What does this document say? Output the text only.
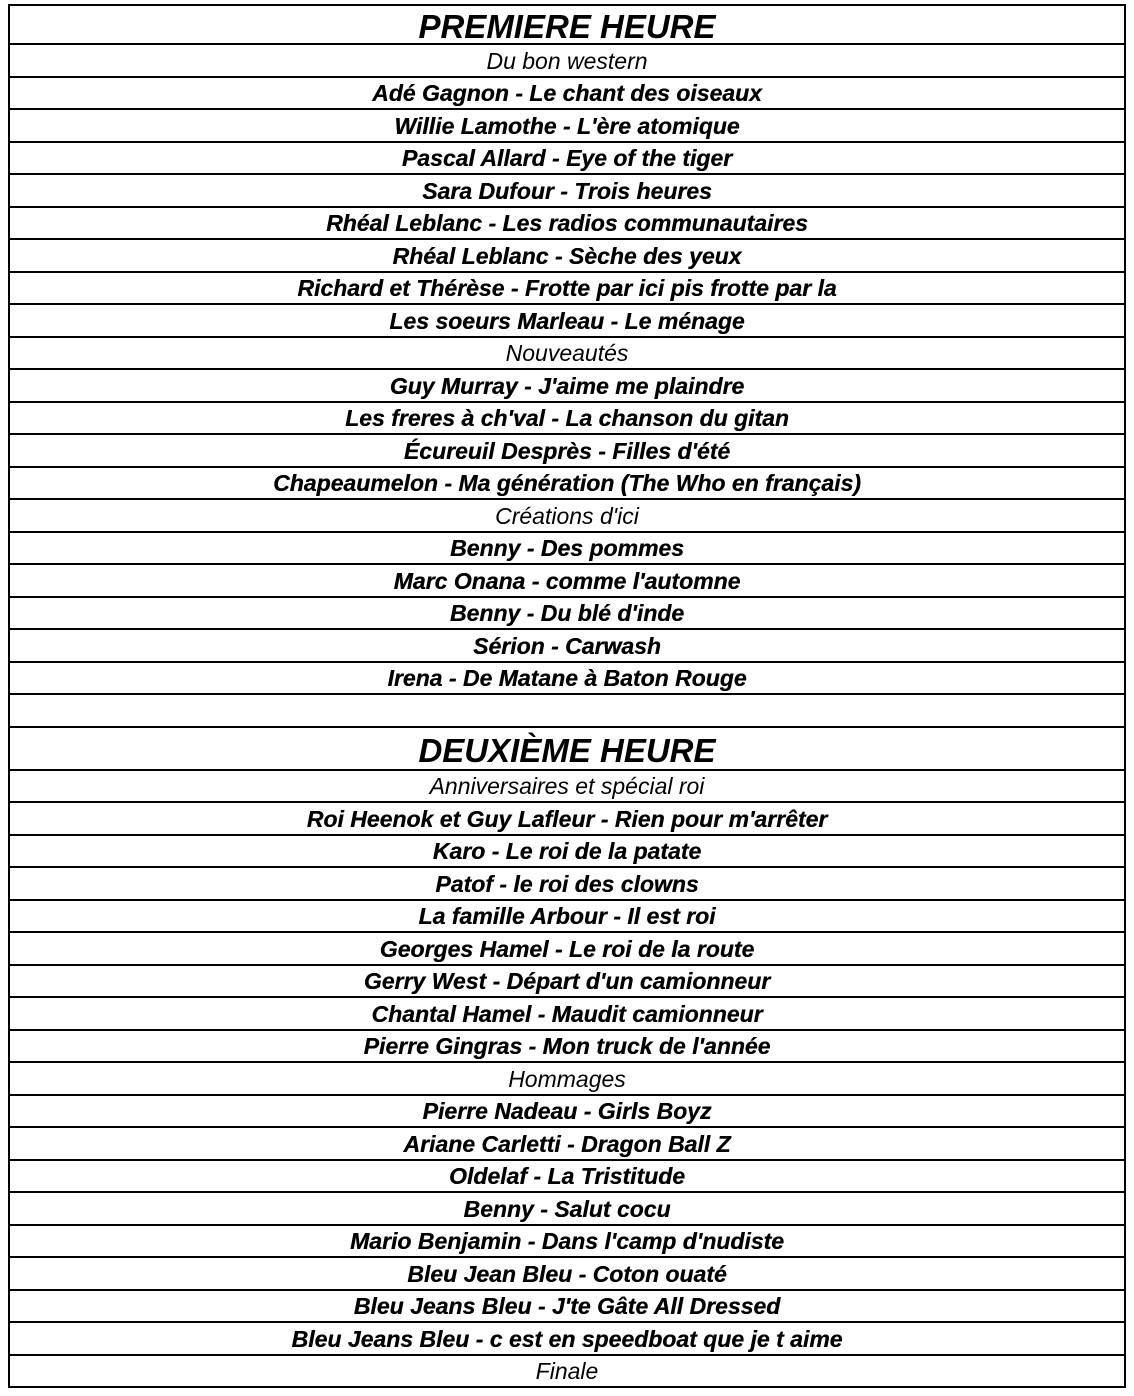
PREMIERE HEURE
Du bon western
Adé Gagnon - Le chant des oiseaux
Willie Lamothe - L'ère atomique
Pascal Allard - Eye of the tiger
Sara Dufour - Trois heures
Rhéal Leblanc - Les radios communautaires
Rhéal Leblanc - Sèche des yeux
Richard et Thérèse - Frotte par ici pis frotte par la
Les soeurs Marleau - Le ménage
Nouveautés
Guy Murray - J'aime me plaindre
Les freres à ch'val - La chanson du gitan
Écureuil Desprès - Filles d'été
Chapeaumelon - Ma génération (The Who en français)
Créations d'ici
Benny - Des pommes
Marc Onana - comme l'automne
Benny - Du blé d'inde
Sérion - Carwash
Irena - De Matane à Baton Rouge
DEUXIÈME HEURE
Anniversaires et spécial roi
Roi Heenok et Guy Lafleur - Rien pour m'arrêter
Karo - Le roi de la patate
Patof - le roi des clowns
La famille Arbour - Il est roi
Georges Hamel - Le roi de la route
Gerry West - Départ d'un camionneur
Chantal Hamel - Maudit camionneur
Pierre Gingras - Mon truck de l'année
Hommages
Pierre Nadeau - Girls Boyz
Ariane Carletti - Dragon Ball Z
Oldelaf - La Tristitude
Benny - Salut cocu
Mario Benjamin - Dans l'camp d'nudiste
Bleu Jean Bleu - Coton ouaté
Bleu Jeans Bleu - J'te Gâte All Dressed
Bleu Jeans Bleu - c est en speedboat que je t aime
Finale
